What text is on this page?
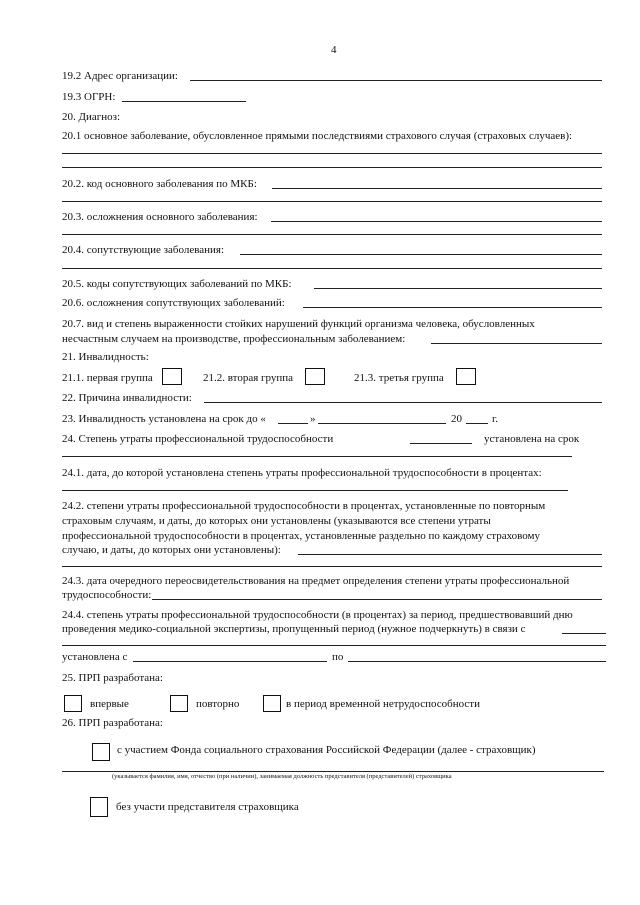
4
19.2 Адрес организации:
19.3 ОГРН:
20. Диагноз:
20.1 основное заболевание, обусловленное прямыми последствиями страхового случая (страховых случаев):
20.2. код основного заболевания по МКБ:
20.3. осложнения основного заболевания:
20.4. сопутствующие заболевания:
20.5. коды сопутствующих заболеваний по МКБ:
20.6. осложнения сопутствующих заболеваний:
20.7. вид и степень выраженности стойких нарушений функций организма человека, обусловленных
несчастным случаем на производстве, профессиональным заболеванием:
21. Инвалидность:
21.1. первая группа	21.2. вторая группа	21.3. третья группа
22. Причина инвалидности:
23. Инвалидность установлена на срок до «	»	20	г.
24. Степень утраты профессиональной трудоспособности	установлена на срок
24.1. дата, до которой установлена степень утраты профессиональной трудоспособности в процентах:
24.2. степени утраты профессиональной трудоспособности в процентах, установленные по повторным
страховым случаям, и даты, до которых они установлены (указываются все степени утраты
профессиональной трудоспособности в процентах, установленные раздельно по каждому страховому
случаю, и даты, до которых они установлены):
24.3. дата очередного переосвидетельствования на предмет определения степени утраты профессиональной
трудоспособности:
24.4. степень утраты профессиональной трудоспособности (в процентах) за период, предшествовавший дню
проведения медико-социальной экспертизы, пропущенный период (нужное подчеркнуть) в связи с
установлена с	по
25. ПРП разработана:
впервые	повторно	в период временной нетрудоспособности
26. ПРП разработана:
с участием Фонда социального страхования Российской Федерации (далее - страховщик)
(указывается фамилия, имя, отчество (при наличии), занимаемая должность представителя (представителей) страховщика
без участи представителя страховщика
